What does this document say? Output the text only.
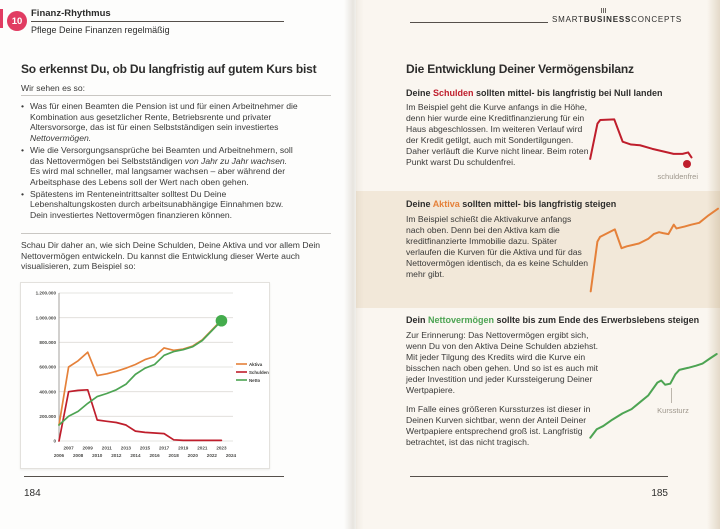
10
Finanz-Rhythmus
Pflege Deine Finanzen regelmäßig
SMARTBUSINESSCONCEPTS
So erkennst Du, ob Du langfristig auf gutem Kurs bist
Wir sehen es so:
• Was für einen Beamten die Pension ist und für einen Arbeitnehmer die Kombination aus gesetzlicher Rente, Betriebsrente und privater Altersvorsorge, das ist für einen Selbstständigen sein investiertes Nettovermögen.
• Wie die Versorgungsansprüche bei Beamten und Arbeitnehmern, soll das Nettovermögen bei Selbstständigen von Jahr zu Jahr wachsen. Es wird mal schneller, mal langsamer wachsen – aber während der Arbeitsphase des Lebens soll der Wert nach oben gehen.
• Spätestens im Renteneintrittsalter solltest Du Deine Lebenshaltungskosten durch arbeitsunabhängige Einnahmen bzw. Dein investiertes Nettovermögen finanzieren können.
Schau Dir daher an, wie sich Deine Schulden, Deine Aktiva und vor allem Dein Nettovermögen entwickeln. Du kannst die Entwicklung dieser Werte auch visualisieren, zum Beispiel so:
0
200.000
400.000
600.000
800.000
1.000.000
1.200.000
2006
2007
2008
2009
2010
2011
2012
2013
2014
2015
2016
2017
2018
2019
2020
2021
2022
2023
2024
Aktiva
Schulden
Netto
184
Die Entwicklung Deiner Vermögensbilanz
Deine Schulden sollten mittel- bis langfristig bei Null landen
Im Beispiel geht die Kurve anfangs in die Höhe, denn hier wurde eine Kreditfinanzierung für ein Haus abgeschlossen. Im weiteren Verlauf wird der Kredit getilgt, auch mit Sondertilgungen. Daher verläuft die Kurve nicht linear. Beim roten Punkt warst Du schuldenfrei.
schuldenfrei
Deine Aktiva sollten mittel- bis langfristig steigen
Im Beispiel schießt die Aktivakurve anfangs nach oben. Denn bei den Aktiva kam die kreditfinanzierte Immobilie dazu. Später verlaufen die Kurven für die Aktiva und für das Nettovermögen identisch, da es keine Schulden mehr gibt.
Dein Nettovermögen sollte bis zum Ende des Erwerbslebens steigen
Zur Erinnerung: Das Nettovermögen ergibt sich, wenn Du von den Aktiva Deine Schulden abziehst. Mit jeder Tilgung des Kredits wird die Kurve ein bisschen nach oben gehen. Und so ist es auch mit jeder Investition und jeder Kurssteigerung Deiner Wertpapiere.
Im Falle eines größeren Kurssturzes ist dieser in Deinen Kurven sichtbar, wenn der Anteil Deiner Wertpapiere entsprechend groß ist. Langfristig betrachtet, ist das nicht tragisch.
Kurssturz
185
